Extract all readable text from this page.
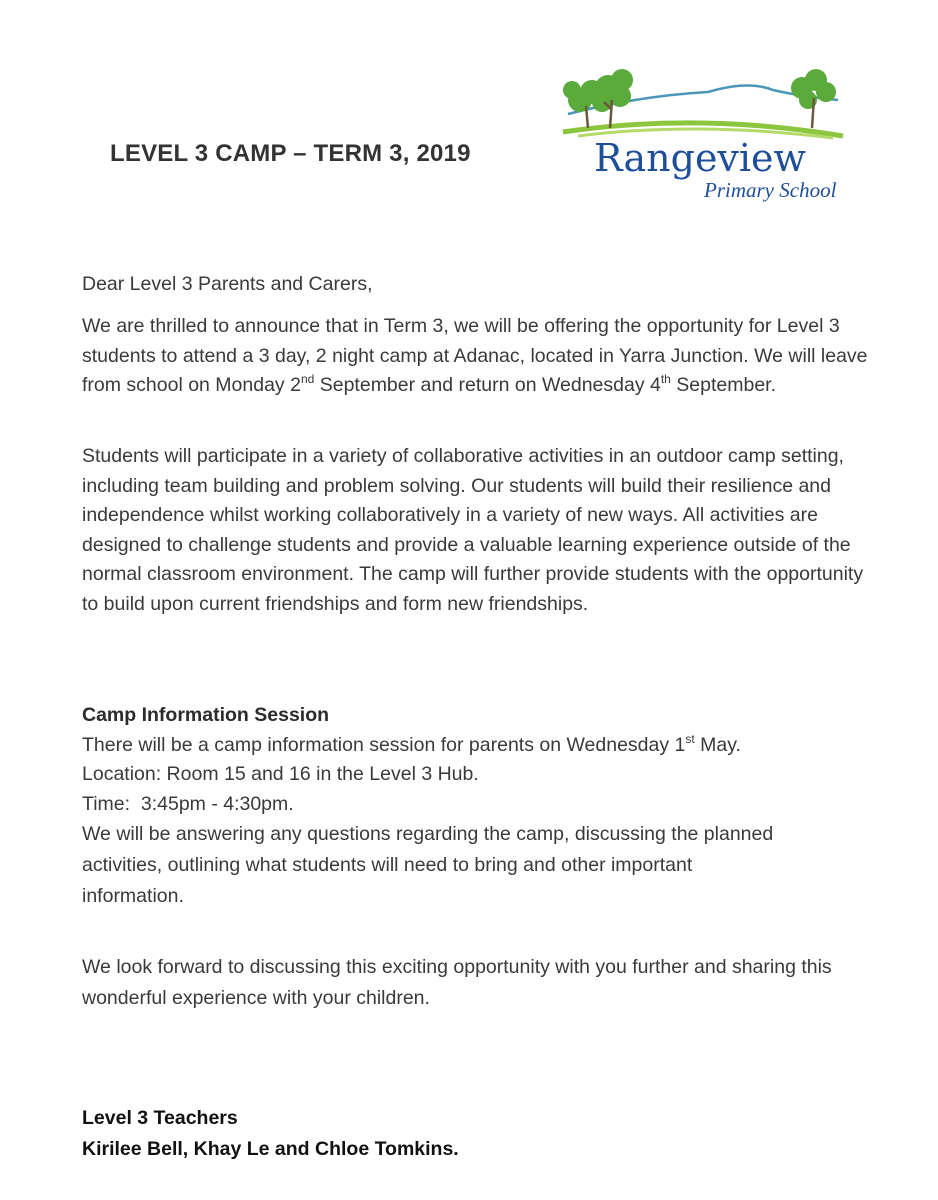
LEVEL 3 CAMP – TERM 3, 2019	Rangeview
Primary School

Dear Level 3 Parents and Carers,

We are thrilled to announce that in Term 3, we will be offering the opportunity for Level 3 students to attend a 3 day, 2 night camp at Adanac, located in Yarra Junction. We will leave from school on Monday 2nd September and return on Wednesday 4th September.

Students will participate in a variety of collaborative activities in an outdoor camp setting, including team building and problem solving. Our students will build their resilience and independence whilst working collaboratively in a variety of new ways. All activities are designed to challenge students and provide a valuable learning experience outside of the normal classroom environment. The camp will further provide students with the opportunity to build upon current friendships and form new friendships.

Camp Information Session

There will be a camp information session for parents on Wednesday 1st May.

Location: Room 15 and 16 in the Level 3 Hub.

Time:  3:45pm - 4:30pm.

We will be answering any questions regarding the camp, discussing the planned activities, outlining what students will need to bring and other important information.

We look forward to discussing this exciting opportunity with you further and sharing this wonderful experience with your children.

Level 3 Teachers

Kirilee Bell, Khay Le and Chloe Tomkins.
